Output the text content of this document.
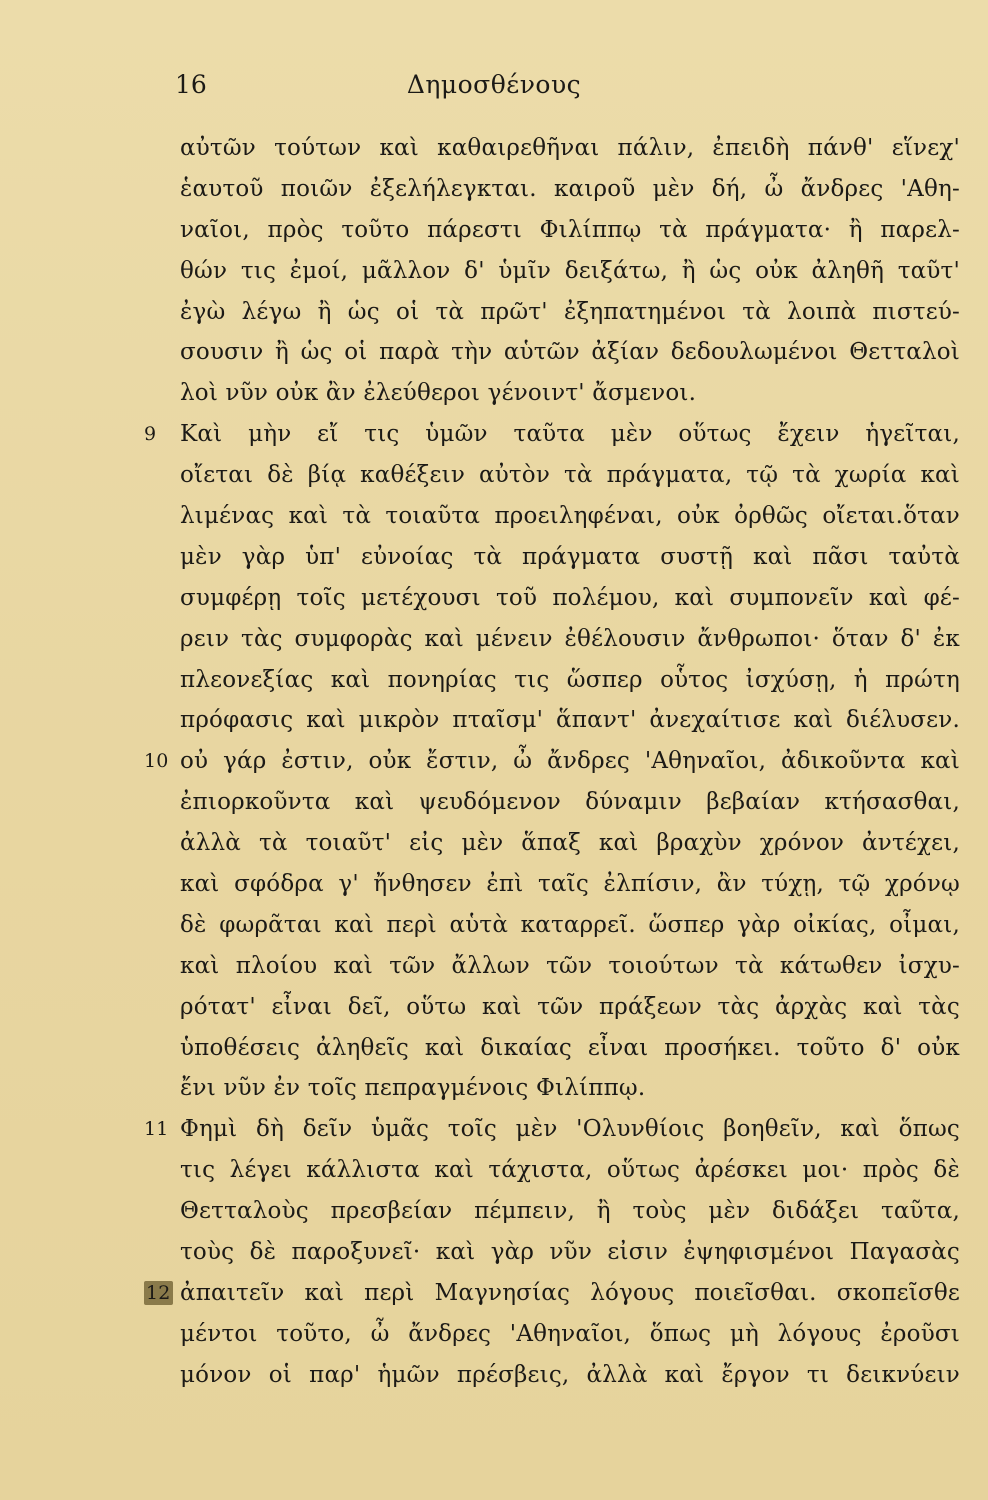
16	Δημοσθένους
αὐτῶν τούτων καὶ καθαιρεθῆναι πάλιν, ἐπειδὴ πάνθ' εἵνεχ'
ἑαυτοῦ ποιῶν ἐξελήλεγκται. καιροῦ μὲν δή, ὦ ἄνδρες 'Αθη-
ναῖοι, πρὸς τοῦτο πάρεστι Φιλίππῳ τὰ πράγματα· ἢ παρελ-
θών τις ἐμοί, μᾶλλον δ' ὑμῖν δειξάτω, ἢ ὡς οὐκ ἀληθῆ ταῦτ'
ἐγὼ λέγω ἢ ὡς οἱ τὰ πρῶτ' ἐξηπατημένοι τὰ λοιπὰ πιστεύ-
σουσιν ἢ ὡς οἱ παρὰ τὴν αὑτῶν ἀξίαν δεδουλωμένοι Θετταλοὶ
λοὶ νῦν οὐκ ἂν ἐλεύθεροι γένοιντ' ἄσμενοι.
9	Καὶ μὴν εἴ τις ὑμῶν ταῦτα μὲν οὕτως ἔχειν ἡγεῖται,
οἴεται δὲ βίᾳ καθέξειν αὐτὸν τὰ πράγματα, τῷ τὰ χωρία καὶ
λιμένας καὶ τὰ τοιαῦτα προειληφέναι, οὐκ ὀρθῶς οἴεται.ὅταν
μὲν γὰρ ὑπ' εὐνοίας τὰ πράγματα συστῇ καὶ πᾶσι ταὐτὰ
συμφέρῃ τοῖς μετέχουσι τοῦ πολέμου, καὶ συμπονεῖν καὶ φέ-
ρειν τὰς συμφορὰς καὶ μένειν ἐθέλουσιν ἄνθρωποι· ὅταν δ' ἐκ
πλεονεξίας καὶ πονηρίας τις ὥσπερ οὗτος ἰσχύσῃ, ἡ πρώτη
πρόφασις καὶ μικρὸν πταῖσμ' ἅπαντ' ἀνεχαίτισε καὶ διέλυσεν.
10 οὐ γάρ ἐστιν, οὐκ ἔστιν, ὦ ἄνδρες 'Αθηναῖοι, ἀδικοῦντα καὶ
ἐπιορκοῦντα καὶ ψευδόμενον δύναμιν βεβαίαν κτήσασθαι,
ἀλλὰ τὰ τοιαῦτ' εἰς μὲν ἅπαξ καὶ βραχὺν χρόνον ἀντέχει,
καὶ σφόδρα γ' ἤνθησεν ἐπὶ ταῖς ἐλπίσιν, ἂν τύχῃ, τῷ χρόνῳ
δὲ φωρᾶται καὶ περὶ αὑτὰ καταρρεῖ. ὥσπερ γὰρ οἰκίας, οἶμαι,
καὶ πλοίου καὶ τῶν ἄλλων τῶν τοιούτων τὰ κάτωθεν ἰσχυ-
ρότατ' εἶναι δεῖ, οὕτω καὶ τῶν πράξεων τὰς ἀρχὰς καὶ τὰς
ὑποθέσεις ἀληθεῖς καὶ δικαίας εἶναι προσήκει. τοῦτο δ' οὐκ
ἔνι νῦν ἐν τοῖς πεπραγμένοις Φιλίππῳ.
11 Φημὶ δὴ δεῖν ὑμᾶς τοῖς μὲν 'Ολυνθίοις βοηθεῖν, καὶ ὅπως
τις λέγει κάλλιστα καὶ τάχιστα, οὕτως ἀρέσκει μοι· πρὸς δὲ
Θετταλοὺς πρεσβείαν πέμπειν, ἢ τοὺς μὲν διδάξει ταῦτα,
τοὺς δὲ παροξυνεῖ· καὶ γὰρ νῦν εἰσιν ἐψηφισμένοι Παγασὰς
12 ἀπαιτεῖν καὶ περὶ Μαγνησίας λόγους ποιεῖσθαι. σκοπεῖσθε
μέντοι τοῦτο, ὦ ἄνδρες 'Αθηναῖοι, ὅπως μὴ λόγους ἐροῦσι
μόνον οἱ παρ' ἡμῶν πρέσβεις, ἀλλὰ καὶ ἔργον τι δεικνύειν
